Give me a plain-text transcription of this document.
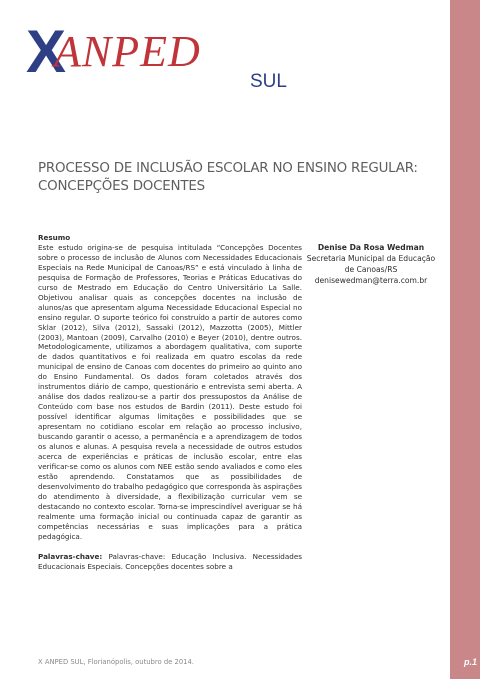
p.1
X
ANPED
SUL
PROCESSO DE INCLUSÃO ESCOLAR NO ENSINO REGULAR:
CONCEPÇÕES DOCENTES
Resumo

Este estudo origina-se de pesquisa intitulada “Concepções Docentes sobre o processo de inclusão de Alunos com Necessidades Educacionais Especiais na Rede Municipal de Canoas/RS” e está vinculado à linha de pesquisa de Formação de Professores, Teorias e Práticas Educativas do curso de Mestrado em Educação do Centro Universitário La Salle. Objetivou analisar quais as concepções docentes na inclusão de alunos/as que apresentam alguma Necessidade Educacional Especial no ensino regular. O suporte teórico foi construído a partir de autores como Sklar (2012), Silva (2012), Sassaki (2012), Mazzotta (2005), Mittler (2003), Mantoan (2009), Carvalho (2010) e Beyer (2010), dentre outros. Metodologicamente, utilizamos a abordagem qualitativa, com suporte de dados quantitativos e foi realizada em quatro escolas da rede municipal de ensino de Canoas com docentes do primeiro ao quinto ano do Ensino Fundamental. Os dados foram coletados através dos instrumentos diário de campo, questionário e entrevista semi aberta. A análise dos dados realizou-se a partir dos pressupostos da Análise de Conteúdo com base nos estudos de Bardin (2011). Deste estudo foi possível identificar algumas limitações e possibilidades que se apresentam no cotidiano escolar em relação ao processo inclusivo, buscando garantir o acesso, a permanência e a aprendizagem de todos os alunos e alunas. A pesquisa revela a necessidade de outros estudos acerca de experiências e práticas de inclusão escolar, entre elas verificar-se como os alunos com NEE estão sendo avaliados e como eles estão aprendendo. Constatamos que as possibilidades de desenvolvimento do trabalho pedagógico que corresponda às aspirações do atendimento à diversidade, a flexibilização curricular vem se destacando no contexto escolar. Torna-se imprescindível averiguar se há realmente uma formação inicial ou continuada capaz de garantir as competências necessárias e suas implicações para a prática pedagógica.

Palavras-chave: Palavras-chave: Educação Inclusiva. Necessidades Educacionais Especiais. Concepções docentes sobre a
Denise Da Rosa Wedman
Secretaria Municipal da Educação
de Canoas/RS
denisewedman@terra.com.br
X ANPED SUL, Florianópolis, outubro de 2014.
